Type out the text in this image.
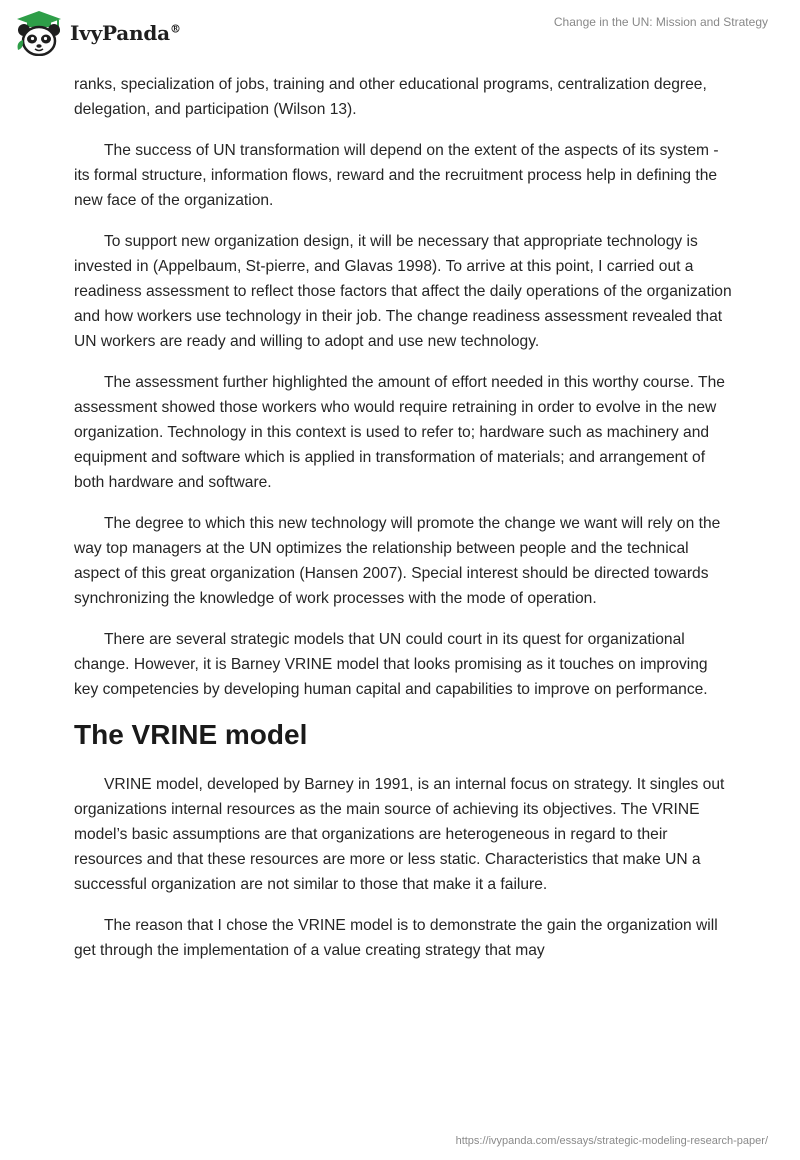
IvyPanda®	Change in the UN: Mission and Strategy

ranks, specialization of jobs, training and other educational programs, centralization degree, delegation, and participation (Wilson 13).

The success of UN transformation will depend on the extent of the aspects of its system - its formal structure, information flows, reward and the recruitment process help in defining the new face of the organization.

To support new organization design, it will be necessary that appropriate technology is invested in (Appelbaum, St-pierre, and Glavas 1998). To arrive at this point, I carried out a readiness assessment to reflect those factors that affect the daily operations of the organization and how workers use technology in their job. The change readiness assessment revealed that UN workers are ready and willing to adopt and use new technology.

The assessment further highlighted the amount of effort needed in this worthy course. The assessment showed those workers who would require retraining in order to evolve in the new organization. Technology in this context is used to refer to; hardware such as machinery and equipment and software which is applied in transformation of materials; and arrangement of both hardware and software.

The degree to which this new technology will promote the change we want will rely on the way top managers at the UN optimizes the relationship between people and the technical aspect of this great organization (Hansen 2007). Special interest should be directed towards synchronizing the knowledge of work processes with the mode of operation.

There are several strategic models that UN could court in its quest for organizational change. However, it is Barney VRINE model that looks promising as it touches on improving key competencies by developing human capital and capabilities to improve on performance.

The VRINE model

VRINE model, developed by Barney in 1991, is an internal focus on strategy. It singles out organizations internal resources as the main source of achieving its objectives. The VRINE model’s basic assumptions are that organizations are heterogeneous in regard to their resources and that these resources are more or less static. Characteristics that make UN a successful organization are not similar to those that make it a failure.

The reason that I chose the VRINE model is to demonstrate the gain the organization will get through the implementation of a value creating strategy that may

https://ivypanda.com/essays/strategic-modeling-research-paper/
